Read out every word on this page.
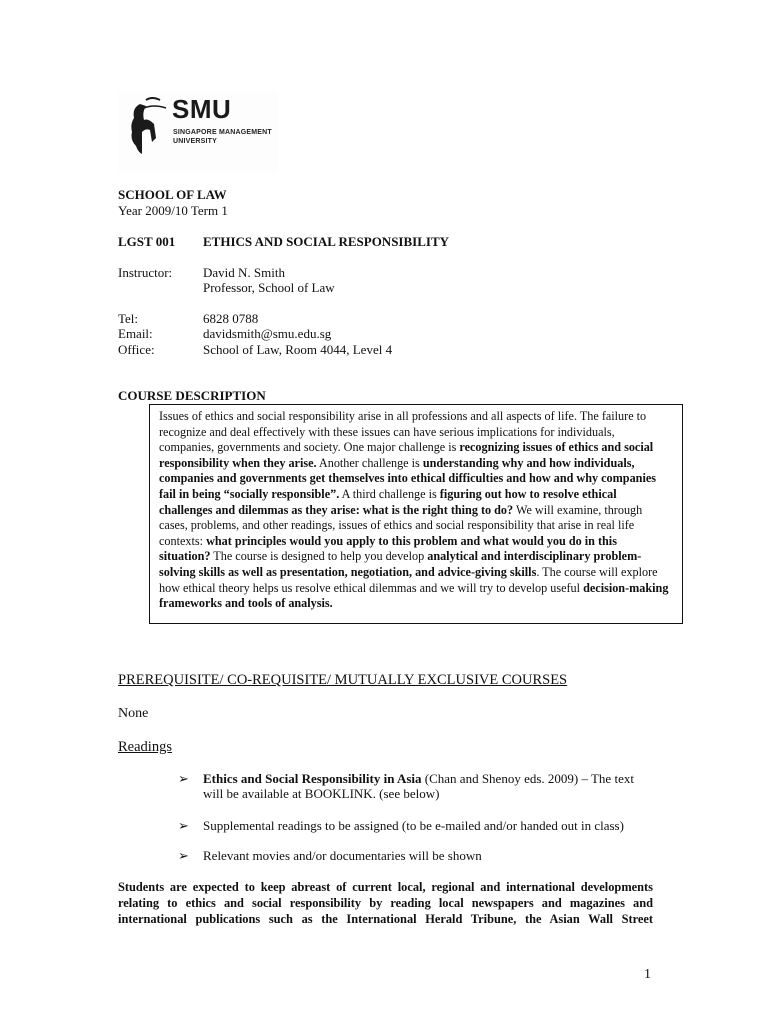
SMU
SINGAPORE MANAGEMENT
UNIVERSITY
SCHOOL OF LAW
Year 2009/10 Term 1
LGST 001 ETHICS AND SOCIAL RESPONSIBILITY
Instructor: David N. Smith
Professor, School of Law
Tel:	6828 0788
Email:	davidsmith@smu.edu.sg
Office:	School of Law, Room 4044, Level 4
COURSE DESCRIPTION

Issues of ethics and social responsibility arise in all professions and all aspects of life. The failure to recognize and deal effectively with these issues can have serious implications for individuals, companies, governments and society. One major challenge is recognizing issues of ethics and social responsibility when they arise. Another challenge is understanding why and how individuals, companies and governments get themselves into ethical difficulties and how and why companies fail in being “socially responsible”. A third challenge is figuring out how to resolve ethical challenges and dilemmas as they arise: what is the right thing to do? We will examine, through cases, problems, and other readings, issues of ethics and social responsibility that arise in real life contexts: what principles would you apply to this problem and what would you do in this situation? The course is designed to help you develop analytical and interdisciplinary problem-solving skills as well as presentation, negotiation, and advice-giving skills. The course will explore how ethical theory helps us resolve ethical dilemmas and we will try to develop useful decision-making frameworks and tools of analysis.

PREREQUISITE/ CO-REQUISITE/ MUTUALLY EXCLUSIVE COURSES
None
Readings
➢ Ethics and Social Responsibility in Asia (Chan and Shenoy eds. 2009) – The text will be available at BOOKLINK. (see below)
➢ Supplemental readings to be assigned (to be e-mailed and/or handed out in class)
➢ Relevant movies and/or documentaries will be shown

Students are expected to keep abreast of current local, regional and international developments

relating to ethics and social responsibility by reading local newspapers and magazines and

international publications such as the International Herald Tribune, the Asian Wall Street

1
